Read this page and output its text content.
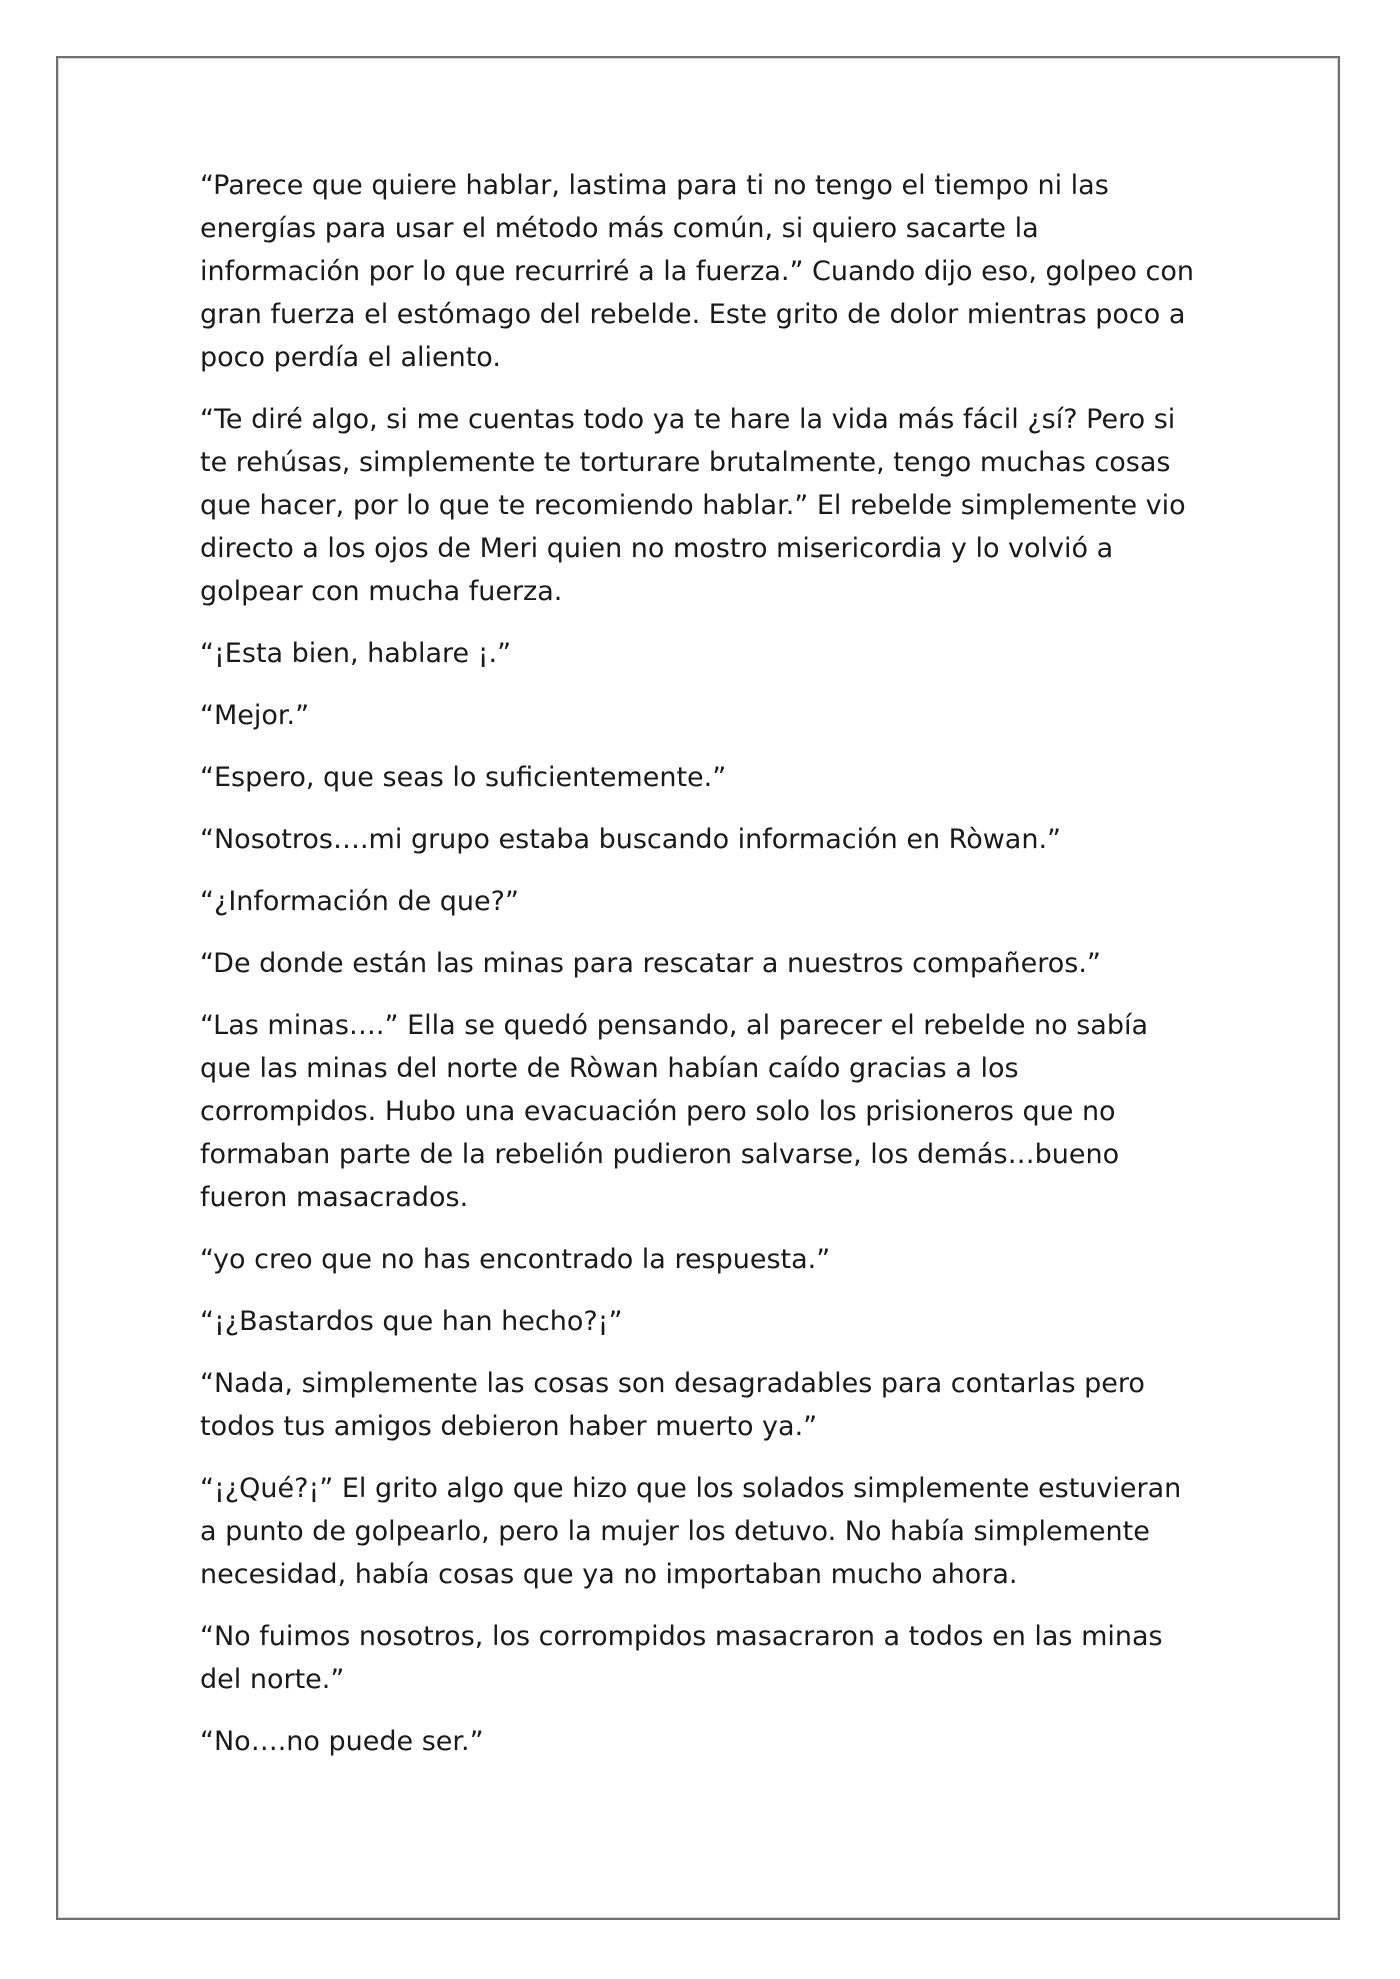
“Parece que quiere hablar, lastima para ti no tengo el tiempo ni las energías para usar el método más común, si quiero sacarte la información por lo que recurriré a la fuerza.” Cuando dijo eso, golpeo con gran fuerza el estómago del rebelde. Este grito de dolor mientras poco a poco perdía el aliento.

“Te diré algo, si me cuentas todo ya te hare la vida más fácil ¿sí? Pero si te rehúsas, simplemente te torturare brutalmente, tengo muchas cosas que hacer, por lo que te recomiendo hablar.” El rebelde simplemente vio directo a los ojos de Meri quien no mostro misericordia y lo volvió a golpear con mucha fuerza.

“¡Esta bien, hablare ¡.”

“Mejor.”

“Espero, que seas lo suficientemente.”

“Nosotros….mi grupo estaba buscando información en Ròwan.”

“¿Información de que?”

“De donde están las minas para rescatar a nuestros compañeros.”

“Las minas….” Ella se quedó pensando, al parecer el rebelde no sabía que las minas del norte de Ròwan habían caído gracias a los corrompidos. Hubo una evacuación pero solo los prisioneros que no formaban parte de la rebelión pudieron salvarse, los demás…bueno fueron masacrados.

“yo creo que no has encontrado la respuesta.”

“¡¿Bastardos que han hecho?¡”

“Nada, simplemente las cosas son desagradables para contarlas pero todos tus amigos debieron haber muerto ya.”

“¡¿Qué?¡” El grito algo que hizo que los solados simplemente estuvieran a punto de golpearlo, pero la mujer los detuvo. No había simplemente necesidad, había cosas que ya no importaban mucho ahora.

“No fuimos nosotros, los corrompidos masacraron a todos en las minas del norte.”

“No….no puede ser.”
